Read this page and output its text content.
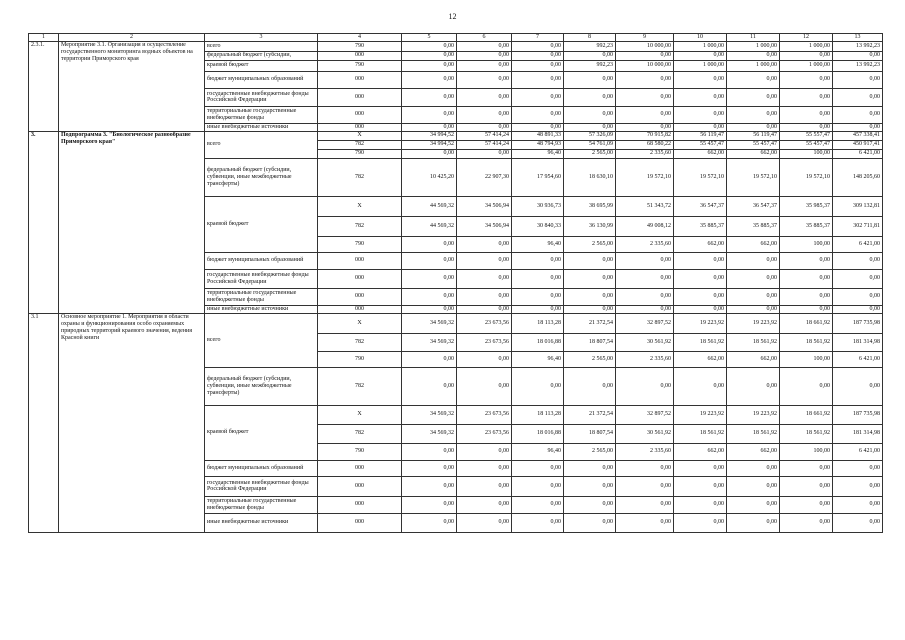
12
1	2	3	4	5	6	7	8	9	10	11	12	13
2.3.1.	Мероприятие 3.1. Организация и осуществление государственного мониторинга водных объектов на территории Приморского края	всего	790	0,00	0,00	0,00	992,23	10 000,00	1 000,00	1 000,00	1 000,00	13 992,23
		федеральный бюджет (субсидии,	000	0,00	0,00	0,00	0,00	0,00	0,00	0,00	0,00	0,00
		краевой бюджет	790	0,00	0,00	0,00	992,23	10 000,00	1 000,00	1 000,00	1 000,00	13 992,23
		бюджет муниципальных образований	000	0,00	0,00	0,00	0,00	0,00	0,00	0,00	0,00	0,00
		государственные внебюджетные фонды Российской Федерации	000	0,00	0,00	0,00	0,00	0,00	0,00	0,00	0,00	0,00
		территориальные государственные внебюджетные фонды	000	0,00	0,00	0,00	0,00	0,00	0,00	0,00	0,00	0,00
		иные внебюджетные источники	000	0,00	0,00	0,00	0,00	0,00	0,00	0,00	0,00	0,00
3.	Подпрограмма 3. "Биологическое разнообразие Приморского края"	всего	X	34 994,52	57 414,24	48 891,33	57 326,09	70 915,82	56 119,47	56 119,47	55 557,47	457 338,41
			782	34 994,52	57 414,24	48 794,93	54 761,09	68 580,22	55 457,47	55 457,47	55 457,47	450 917,41
			790	0,00	0,00	96,40	2 565,00	2 335,60	662,00	662,00	100,00	6 421,00
		федеральный бюджет (субсидии, субвенции, иные межбюджетные трансферты)	782	10 425,20	22 907,30	17 954,60	18 630,10	19 572,10	19 572,10	19 572,10	19 572,10	148 205,60
		краевой бюджет	X	44 569,32	34 506,94	30 936,73	38 695,99	51 343,72	36 547,37	36 547,37	35 985,37	309 132,81
			782	44 569,32	34 506,94	30 840,33	36 130,99	49 008,12	35 885,37	35 885,37	35 885,37	302 711,81
			790	0,00	0,00	96,40	2 565,00	2 335,60	662,00	662,00	100,00	6 421,00
		бюджет муниципальных образований	000	0,00	0,00	0,00	0,00	0,00	0,00	0,00	0,00	0,00
		государственные внебюджетные фонды Российской Федерации	000	0,00	0,00	0,00	0,00	0,00	0,00	0,00	0,00	0,00
		территориальные государственные внебюджетные фонды	000	0,00	0,00	0,00	0,00	0,00	0,00	0,00	0,00	0,00
		иные внебюджетные источники	000	0,00	0,00	0,00	0,00	0,00	0,00	0,00	0,00	0,00
3.1	Основное мероприятие 1. Мероприятия в области охраны и функционирования особо охраняемых природных территорий краевого значения, ведения Красной книги	всего	X	34 569,32	23 673,56	18 113,28	21 372,54	32 897,52	19 223,92	19 223,92	18 661,92	187 735,98
			782	34 569,32	23 673,56	18 016,88	18 807,54	30 561,92	18 561,92	18 561,92	18 561,92	181 314,98
			790	0,00	0,00	96,40	2 565,00	2 335,60	662,00	662,00	100,00	6 421,00
		федеральный бюджет (субсидии, субвенции, иные межбюджетные трансферты)	782	0,00	0,00	0,00	0,00	0,00	0,00	0,00	0,00	0,00
		краевой бюджет	X	34 569,32	23 673,56	18 113,28	21 372,54	32 897,52	19 223,92	19 223,92	18 661,92	187 735,98
			782	34 569,32	23 673,56	18 016,88	18 807,54	30 561,92	18 561,92	18 561,92	18 561,92	181 314,98
			790	0,00	0,00	96,40	2 565,00	2 335,60	662,00	662,00	100,00	6 421,00
		бюджет муниципальных образований	000	0,00	0,00	0,00	0,00	0,00	0,00	0,00	0,00	0,00
		государственные внебюджетные фонды Российской Федерации	000	0,00	0,00	0,00	0,00	0,00	0,00	0,00	0,00	0,00
		территориальные государственные внебюджетные фонды	000	0,00	0,00	0,00	0,00	0,00	0,00	0,00	0,00	0,00
		иные внебюджетные источники	000	0,00	0,00	0,00	0,00	0,00	0,00	0,00	0,00	0,00
